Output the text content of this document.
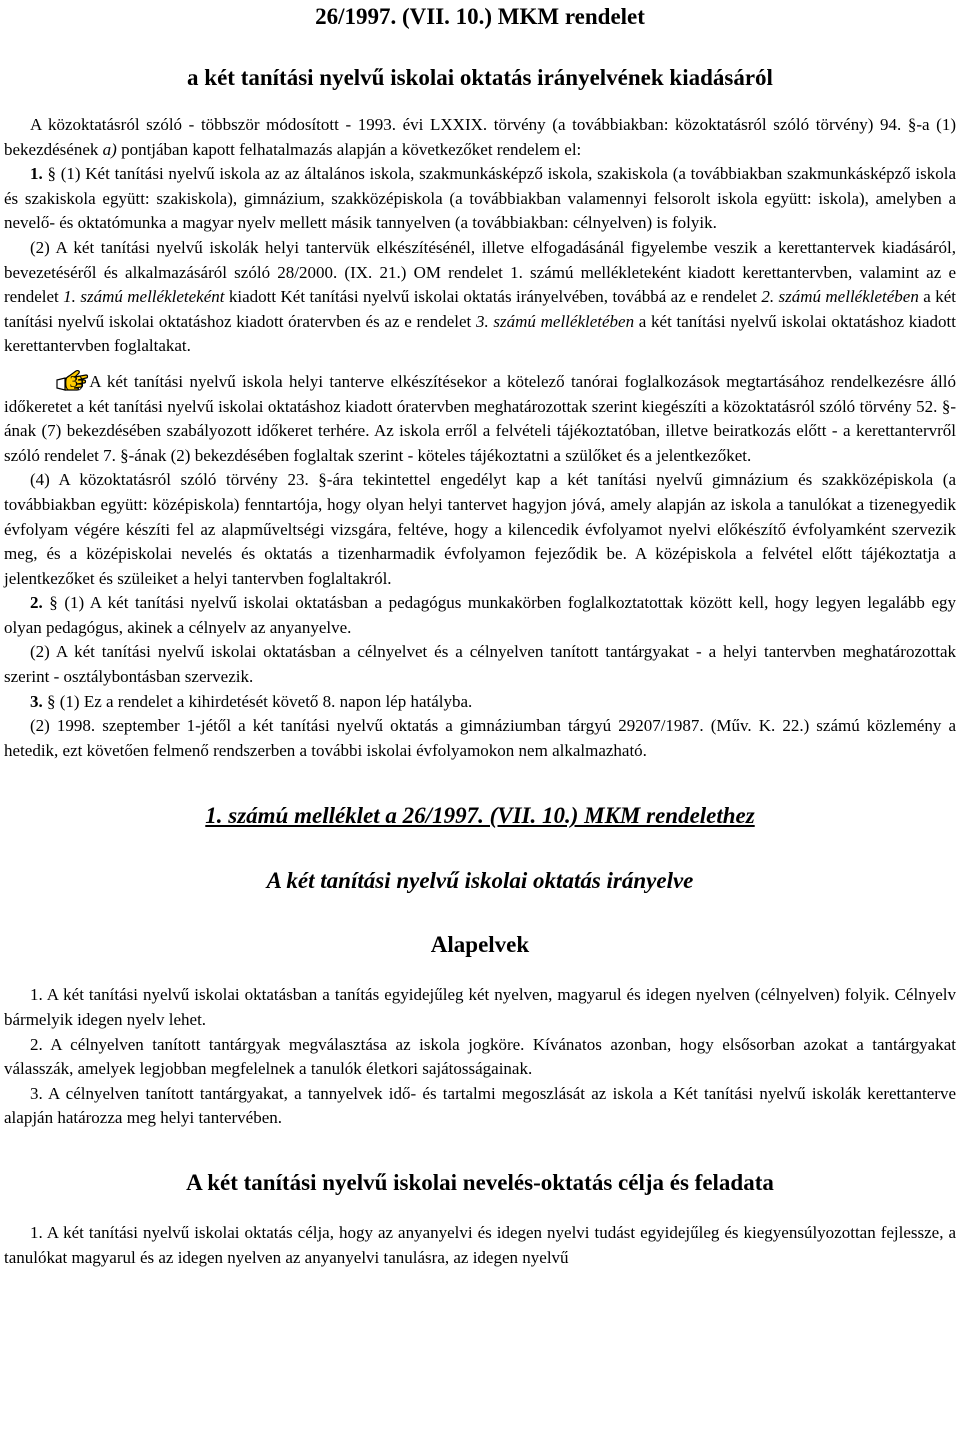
26/1997. (VII. 10.) MKM rendelet
a két tanítási nyelvű iskolai oktatás irányelvének kiadásáról

A közoktatásról szóló - többször módosított - 1993. évi LXXIX. törvény (a továbbiakban: közoktatásról szóló törvény) 94. §-a (1) bekezdésének a) pontjában kapott felhatalmazás alapján a következőket rendelem el:

1. § (1) Két tanítási nyelvű iskola az az általános iskola, szakmunkásképző iskola, szakiskola (a továbbiakban szakmunkásképző iskola és szakiskola együtt: szakiskola), gimnázium, szakközépiskola (a továbbiakban valamennyi felsorolt iskola együtt: iskola), amelyben a nevelő- és oktatómunka a magyar nyelv mellett másik tannyelven (a továbbiakban: célnyelven) is folyik.

(2) A két tanítási nyelvű iskolák helyi tantervük elkészítésénél, illetve elfogadásánál figyelembe veszik a kerettantervek kiadásáról, bevezetéséről és alkalmazásáról szóló 28/2000. (IX. 21.) OM rendelet 1. számú mellékleteként kiadott kerettantervben, valamint az e rendelet 1. számú mellékleteként kiadott Két tanítási nyelvű iskolai oktatás irányelvében, továbbá az e rendelet 2. számú mellékletében a két tanítási nyelvű iskolai oktatáshoz kiadott óratervben és az e rendelet 3. számú mellékletében a két tanítási nyelvű iskolai oktatáshoz kiadott kerettantervben foglaltakat.

(3) A két tanítási nyelvű iskola helyi tanterve elkészítésekor a kötelező tanórai foglalkozások megtartásához rendelkezésre álló időkeretet a két tanítási nyelvű iskolai oktatáshoz kiadott óratervben meghatározottak szerint kiegészíti a közoktatásról szóló törvény 52. §-ának (7) bekezdésében szabályozott időkeret terhére. Az iskola erről a felvételi tájékoztatóban, illetve beiratkozás előtt - a kerettantervről szóló rendelet 7. §-ának (2) bekezdésében foglaltak szerint - köteles tájékoztatni a szülőket és a jelentkezőket.

(4) A közoktatásról szóló törvény 23. §-ára tekintettel engedélyt kap a két tanítási nyelvű gimnázium és szakközépiskola (a továbbiakban együtt: középiskola) fenntartója, hogy olyan helyi tantervet hagyjon jóvá, amely alapján az iskola a tanulókat a tizenegyedik évfolyam végére készíti fel az alapműveltségi vizsgára, feltéve, hogy a kilencedik évfolyamot nyelvi előkészítő évfolyamként szervezik meg, és a középiskolai nevelés és oktatás a tizenharmadik évfolyamon fejeződik be. A középiskola a felvétel előtt tájékoztatja a jelentkezőket és szüleiket a helyi tantervben foglaltakról.

2. § (1) A két tanítási nyelvű iskolai oktatásban a pedagógus munkakörben foglalkoztatottak között kell, hogy legyen legalább egy olyan pedagógus, akinek a célnyelv az anyanyelve.

(2) A két tanítási nyelvű iskolai oktatásban a célnyelvet és a célnyelven tanított tantárgyakat - a helyi tantervben meghatározottak szerint - osztálybontásban szervezik.

3. § (1) Ez a rendelet a kihirdetését követő 8. napon lép hatályba.

(2) 1998. szeptember 1-jétől a két tanítási nyelvű oktatás a gimnáziumban tárgyú 29207/1987. (Műv. K. 22.) számú közlemény a hetedik, ezt követően felmenő rendszerben a további iskolai évfolyamokon nem alkalmazható.

1. számú melléklet a 26/1997. (VII. 10.) MKM rendelethez
A két tanítási nyelvű iskolai oktatás irányelve
Alapelvek

1. A két tanítási nyelvű iskolai oktatásban a tanítás egyidejűleg két nyelven, magyarul és idegen nyelven (célnyelven) folyik. Célnyelv bármelyik idegen nyelv lehet.

2. A célnyelven tanított tantárgyak megválasztása az iskola jogköre. Kívánatos azonban, hogy elsősorban azokat a tantárgyakat válasszák, amelyek legjobban megfelelnek a tanulók életkori sajátosságainak.

3. A célnyelven tanított tantárgyakat, a tannyelvek idő- és tartalmi megoszlását az iskola a Két tanítási nyelvű iskolák kerettanterve alapján határozza meg helyi tantervében.

A két tanítási nyelvű iskolai nevelés-oktatás célja és feladata

1. A két tanítási nyelvű iskolai oktatás célja, hogy az anyanyelvi és idegen nyelvi tudást egyidejűleg és kiegyensúlyozottan fejlessze, a tanulókat magyarul és az idegen nyelven az anyanyelvi tanulásra, az idegen nyelvű
